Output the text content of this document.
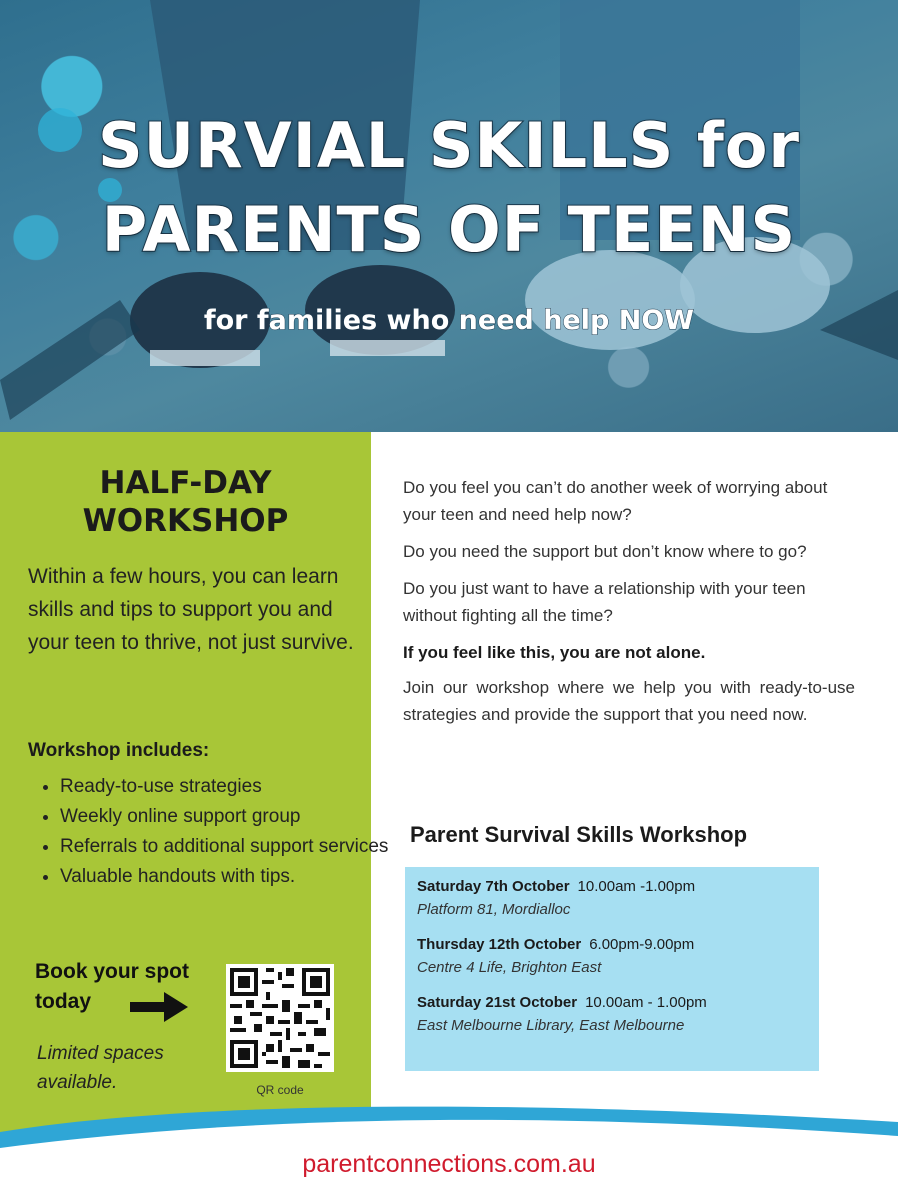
SURVIAL SKILLS for
PARENTS OF TEENS
for families who need help NOW
HALF-DAY
WORKSHOP
Within a few hours, you can learn skills and tips to support you and your teen to thrive, not just survive.
Workshop includes:
• Ready-to-use strategies
• Weekly online support group
• Referrals to additional support services
• Valuable handouts with tips.
Book your spot
today
Limited spaces available.	QR code

Do you feel you can’t do another week of worrying about your teen and need help now?

Do you need the support but don’t know where to go?

Do you just want to have a relationship with your teen without fighting all the time?

If you feel like this, you are not alone.

Join our workshop where we help you with ready-to-use strategies and provide the support that you need now.

Parent Survival Skills Workshop
Saturday 7th October 10.00am -1.00pm
Platform 81, Mordialloc
Thursday 12th October 6.00pm-9.00pm
Centre 4 Life, Brighton East
Saturday 21st October 10.00am - 1.00pm
East Melbourne Library, East Melbourne
parentconnections.com.au
